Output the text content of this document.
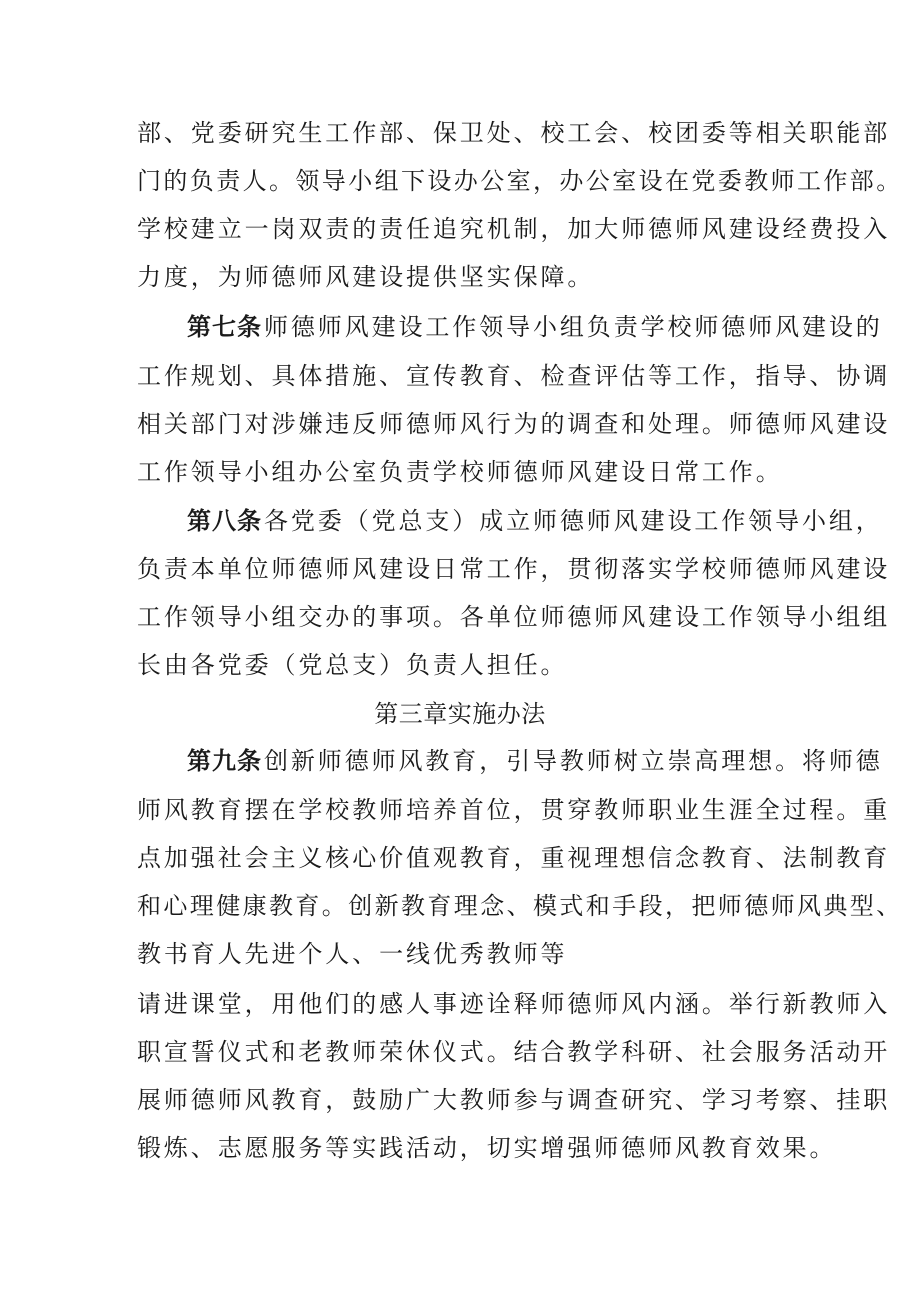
部、党委研究生工作部、保卫处、校工会、校团委等相关职能部
门的负责人。领导小组下设办公室，办公室设在党委教师工作部。
学校建立一岗双责的责任追究机制，加大师德师风建设经费投入
力度，为师德师风建设提供坚实保障。
第七条师德师风建设工作领导小组负责学校师德师风建设的
工作规划、具体措施、宣传教育、检查评估等工作，指导、协调
相关部门对涉嫌违反师德师风行为的调查和处理。师德师风建设
工作领导小组办公室负责学校师德师风建设日常工作。
第八条各党委（党总支）成立师德师风建设工作领导小组，
负责本单位师德师风建设日常工作，贯彻落实学校师德师风建设
工作领导小组交办的事项。各单位师德师风建设工作领导小组组
长由各党委（党总支）负责人担任。
第三章实施办法
第九条创新师德师风教育，引导教师树立崇高理想。将师德
师风教育摆在学校教师培养首位，贯穿教师职业生涯全过程。重
点加强社会主义核心价值观教育，重视理想信念教育、法制教育
和心理健康教育。创新教育理念、模式和手段，把师德师风典型、
教书育人先进个人、一线优秀教师等
请进课堂，用他们的感人事迹诠释师德师风内涵。举行新教师入
职宣誓仪式和老教师荣休仪式。结合教学科研、社会服务活动开
展师德师风教育，鼓励广大教师参与调查研究、学习考察、挂职
锻炼、志愿服务等实践活动，切实增强师德师风教育效果。
